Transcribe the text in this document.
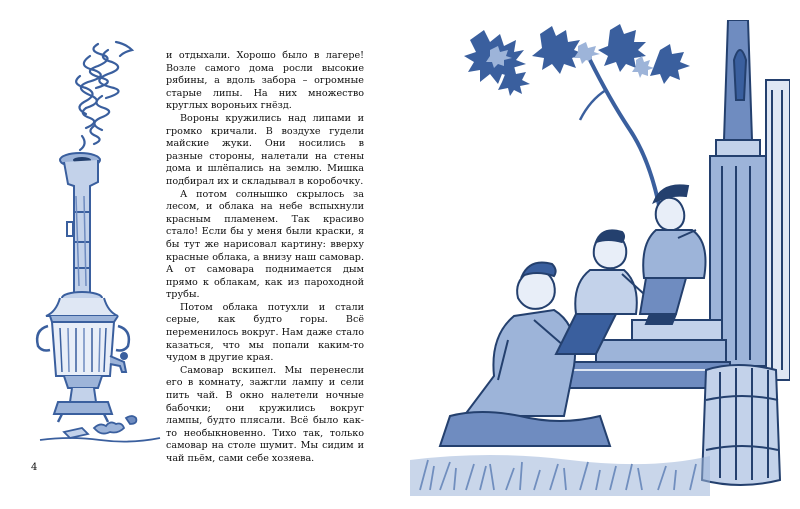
и отдыхали. Хорошо было в лагере! Возле самого дома росли высокие рябины, а вдоль забора – огромные старые липы. На них множество круглых вороньих гнёзд.

Вороны кружились над липами и громко кричали. В воздухе гудели майские жуки. Они носились в разные стороны, налетали на стены дома и шлёпались на землю. Мишка подбирал их и складывал в коробочку.

А потом солнышко скрылось за лесом, и облака на небе вспыхнули красным пламенем. Так красиво стало! Если бы у меня были краски, я бы тут же нарисовал картину: вверху красные облака, а внизу наш самовар. А от самовара поднимается дым прямо к облакам, как из пароходной трубы.

Потом облака потухли и стали серые, как будто горы. Всё переменилось вокруг. Нам даже стало казаться, что мы попали каким-то чудом в другие края.

Самовар вскипел. Мы перенесли его в комнату, зажгли лампу и сели пить чай. В окно налетели ночные бабочки; они кружились вокруг лампы, будто плясали. Всё было как-то необыкновенно. Тихо так, только самовар на столе шумит. Мы сидим и чай пьём, сами себе хозяева.

4
